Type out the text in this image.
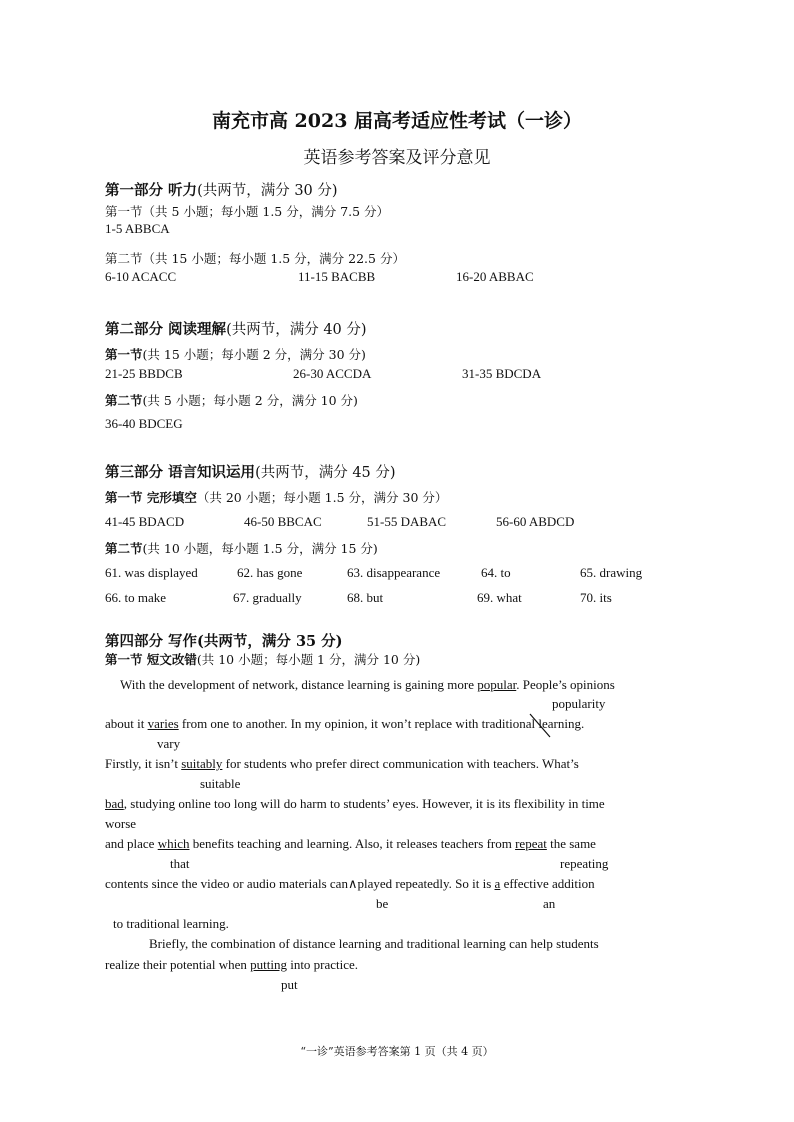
南充市高 2023 届高考适应性考试（一诊）
英语参考答案及评分意见
第一部分 听力(共两节，满分 30 分)
第一节（共 5 小题；每小题 1.5 分，满分 7.5 分）
1-5 ABBCA
第二节（共 15 小题；每小题 1.5 分，满分 22.5 分）
6-10 ACACC	11-15 BACBB	16-20 ABBAC
第二部分 阅读理解(共两节，满分 40 分)
第一节(共 15 小题；每小题 2 分，满分 30 分)
21-25 BBDCB	26-30 ACCDA	31-35 BDCDA
第二节(共 5 小题；每小题 2 分，满分 10 分)
36-40 BDCEG
第三部分 语言知识运用(共两节，满分 45 分)
第一节 完形填空（共 20 小题；每小题 1.5 分，满分 30 分）
41-45 BDACD	46-50 BBCAC	51-55 DABAC	56-60 ABDCD
第二节(共 10 小题，每小题 1.5 分，满分 15 分)
61. was displayed	62. has gone	63. disappearance	64. to	65. drawing
66. to make	67. gradually	68. but	69. what	70. its
第四部分 写作(共两节，满分 35 分)
第一节 短文改错(共 10 小题；每小题 1 分，满分 10 分)
With the development of network, distance learning is gaining more popular. People’s opinions
popularity
about it varies from one to another. In my opinion, it won’t replace with traditional learning.
vary
Firstly, it isn’t suitably for students who prefer direct communication with teachers. What’s
suitable
bad, studying online too long will do harm to students’ eyes. However, it is its flexibility in time
worse
and place which benefits teaching and learning. Also, it releases teachers from repeat the same
that	repeating
contents since the video or audio materials can∧played repeatedly. So it is a effective addition
be	an
to traditional learning.
Briefly, the combination of distance learning and traditional learning can help students
realize their potential when putting into practice.
put
“一诊”英语参考答案第 1 页（共 4 页）
